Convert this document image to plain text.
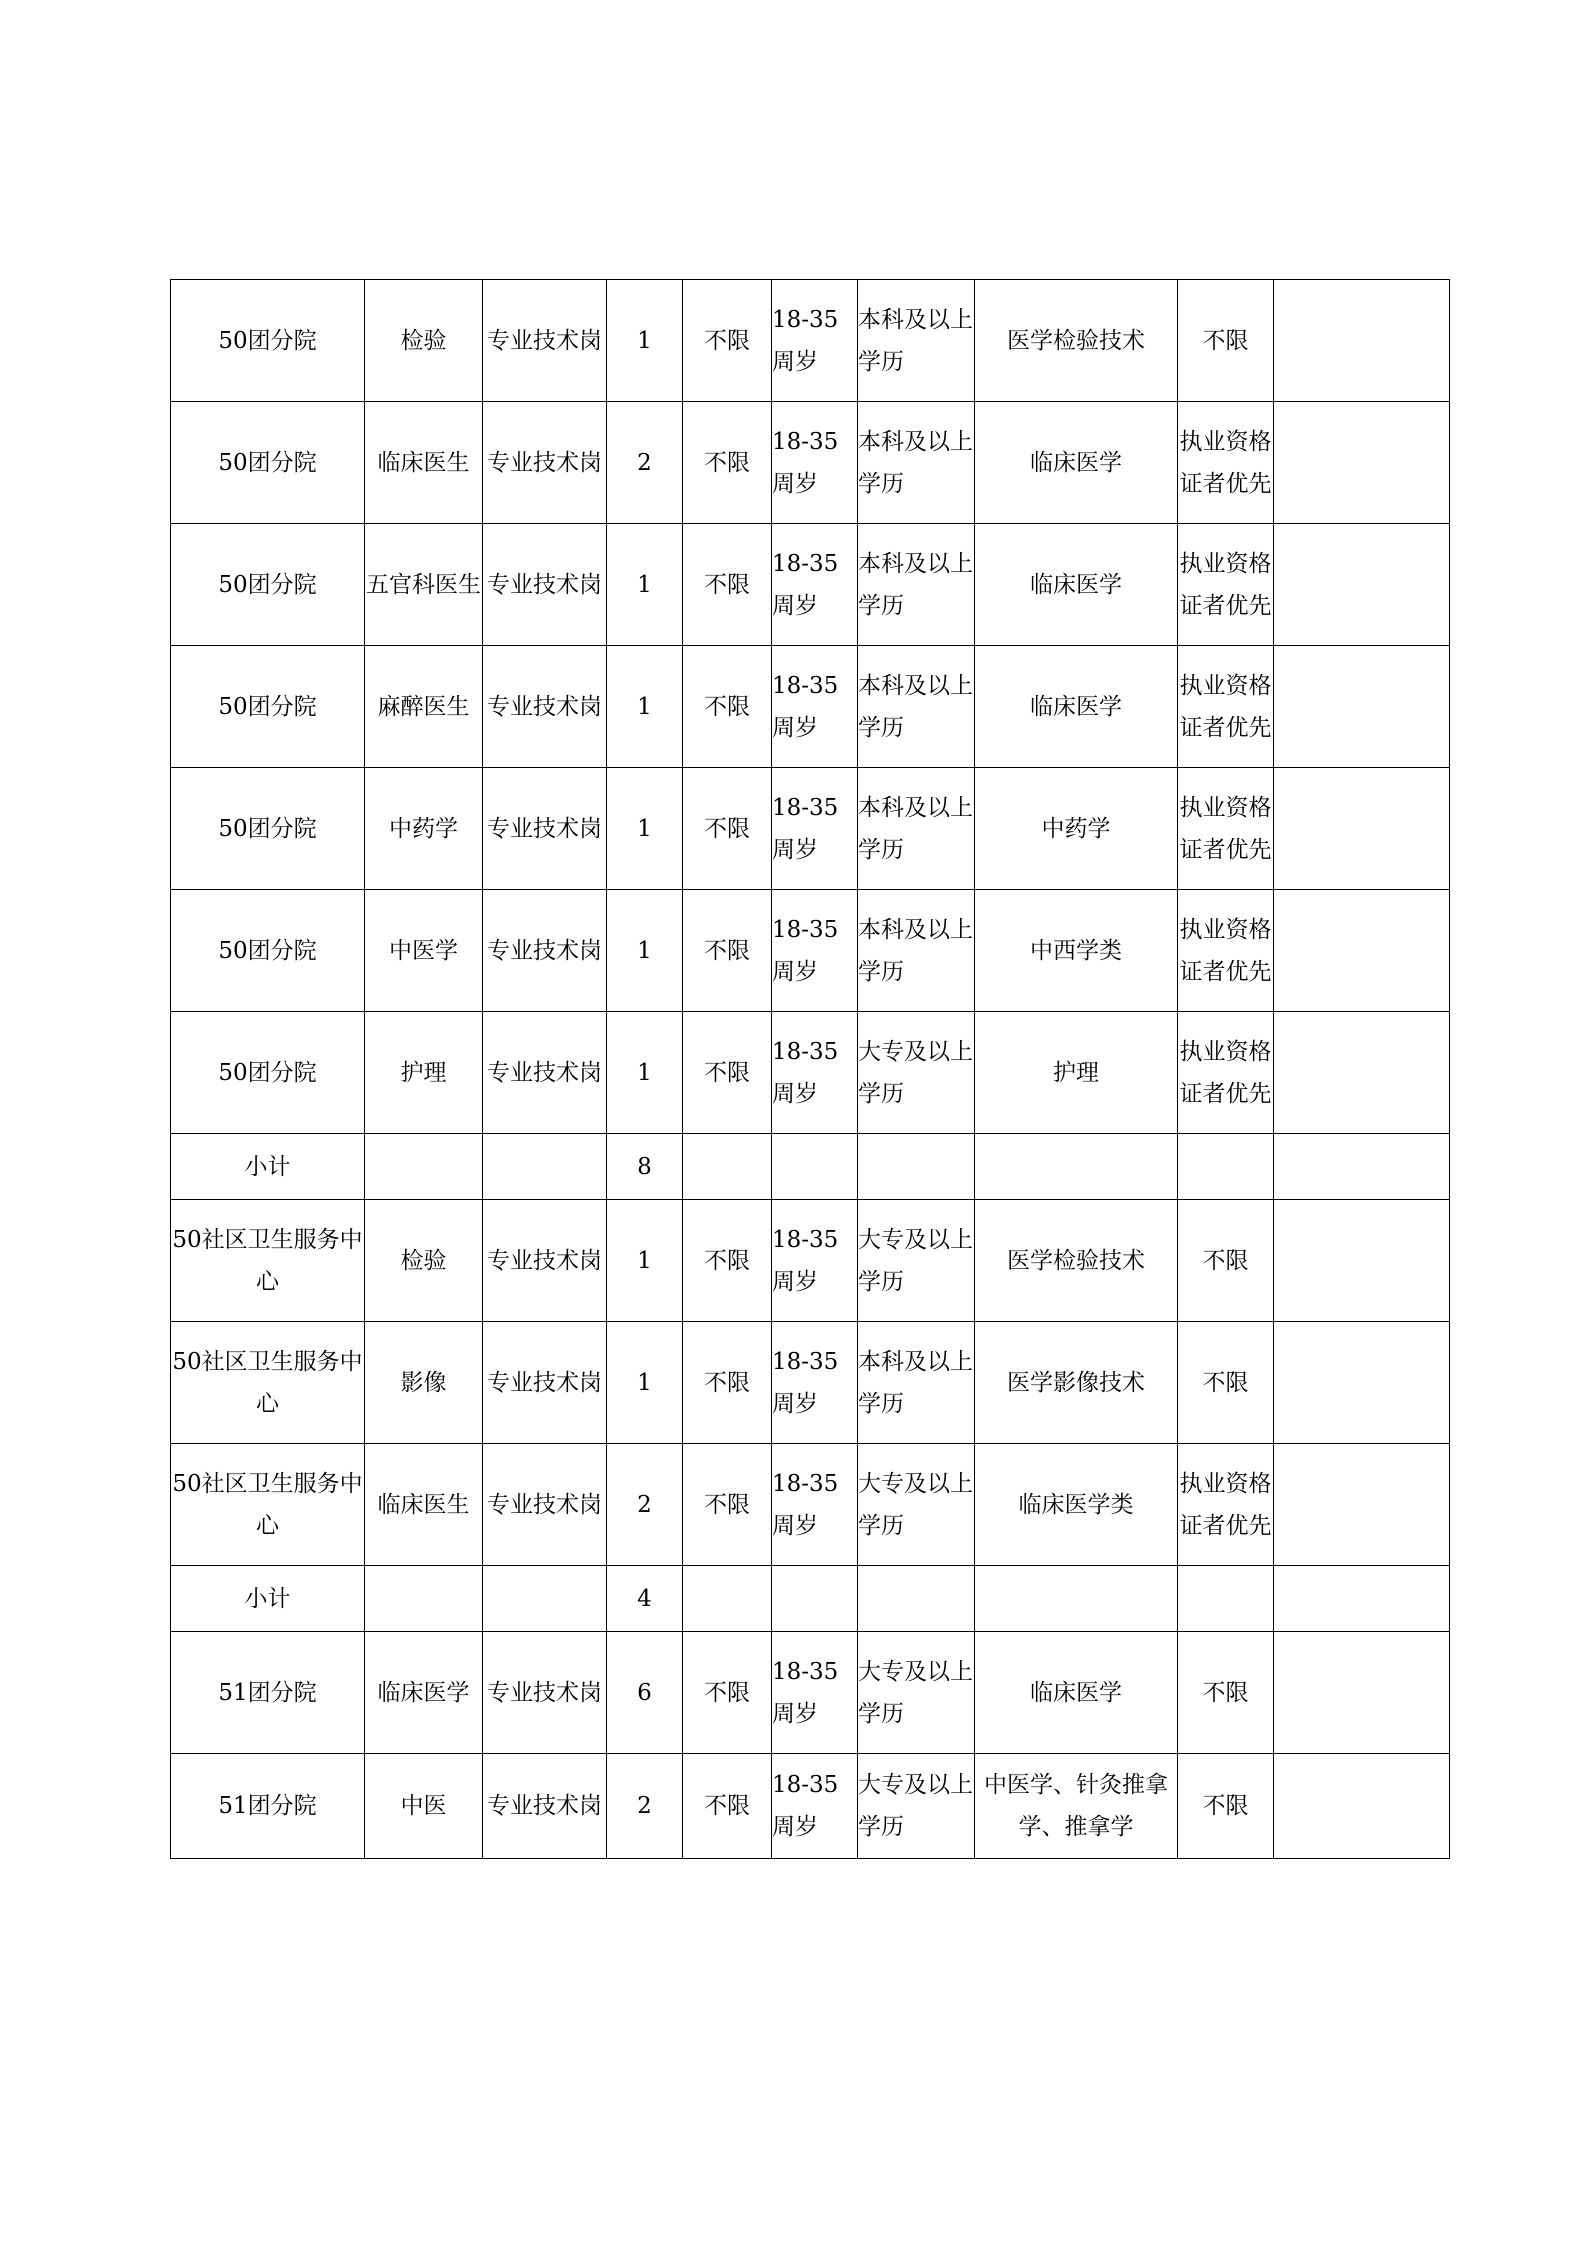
50团分院	检验	专业技术岗	1	不限	18-35周岁	本科及以上学历	医学检验技术	不限	
50团分院	临床医生	专业技术岗	2	不限	18-35周岁	本科及以上学历	临床医学	执业资格证者优先	
50团分院	五官科医生	专业技术岗	1	不限	18-35周岁	本科及以上学历	临床医学	执业资格证者优先	
50团分院	麻醉医生	专业技术岗	1	不限	18-35周岁	本科及以上学历	临床医学	执业资格证者优先	
50团分院	中药学	专业技术岗	1	不限	18-35周岁	本科及以上学历	中药学	执业资格证者优先	
50团分院	中医学	专业技术岗	1	不限	18-35周岁	本科及以上学历	中西学类	执业资格证者优先	
50团分院	护理	专业技术岗	1	不限	18-35周岁	大专及以上学历	护理	执业资格证者优先	
小计			8						
50社区卫生服务中心	检验	专业技术岗	1	不限	18-35周岁	大专及以上学历	医学检验技术	不限	
50社区卫生服务中心	影像	专业技术岗	1	不限	18-35周岁	本科及以上学历	医学影像技术	不限	
50社区卫生服务中心	临床医生	专业技术岗	2	不限	18-35周岁	大专及以上学历	临床医学类	执业资格证者优先	
小计			4						
51团分院	临床医学	专业技术岗	6	不限	18-35周岁	大专及以上学历	临床医学	不限	
51团分院	中医	专业技术岗	2	不限	18-35周岁	大专及以上学历	中医学、针灸推拿学、推拿学	不限	
